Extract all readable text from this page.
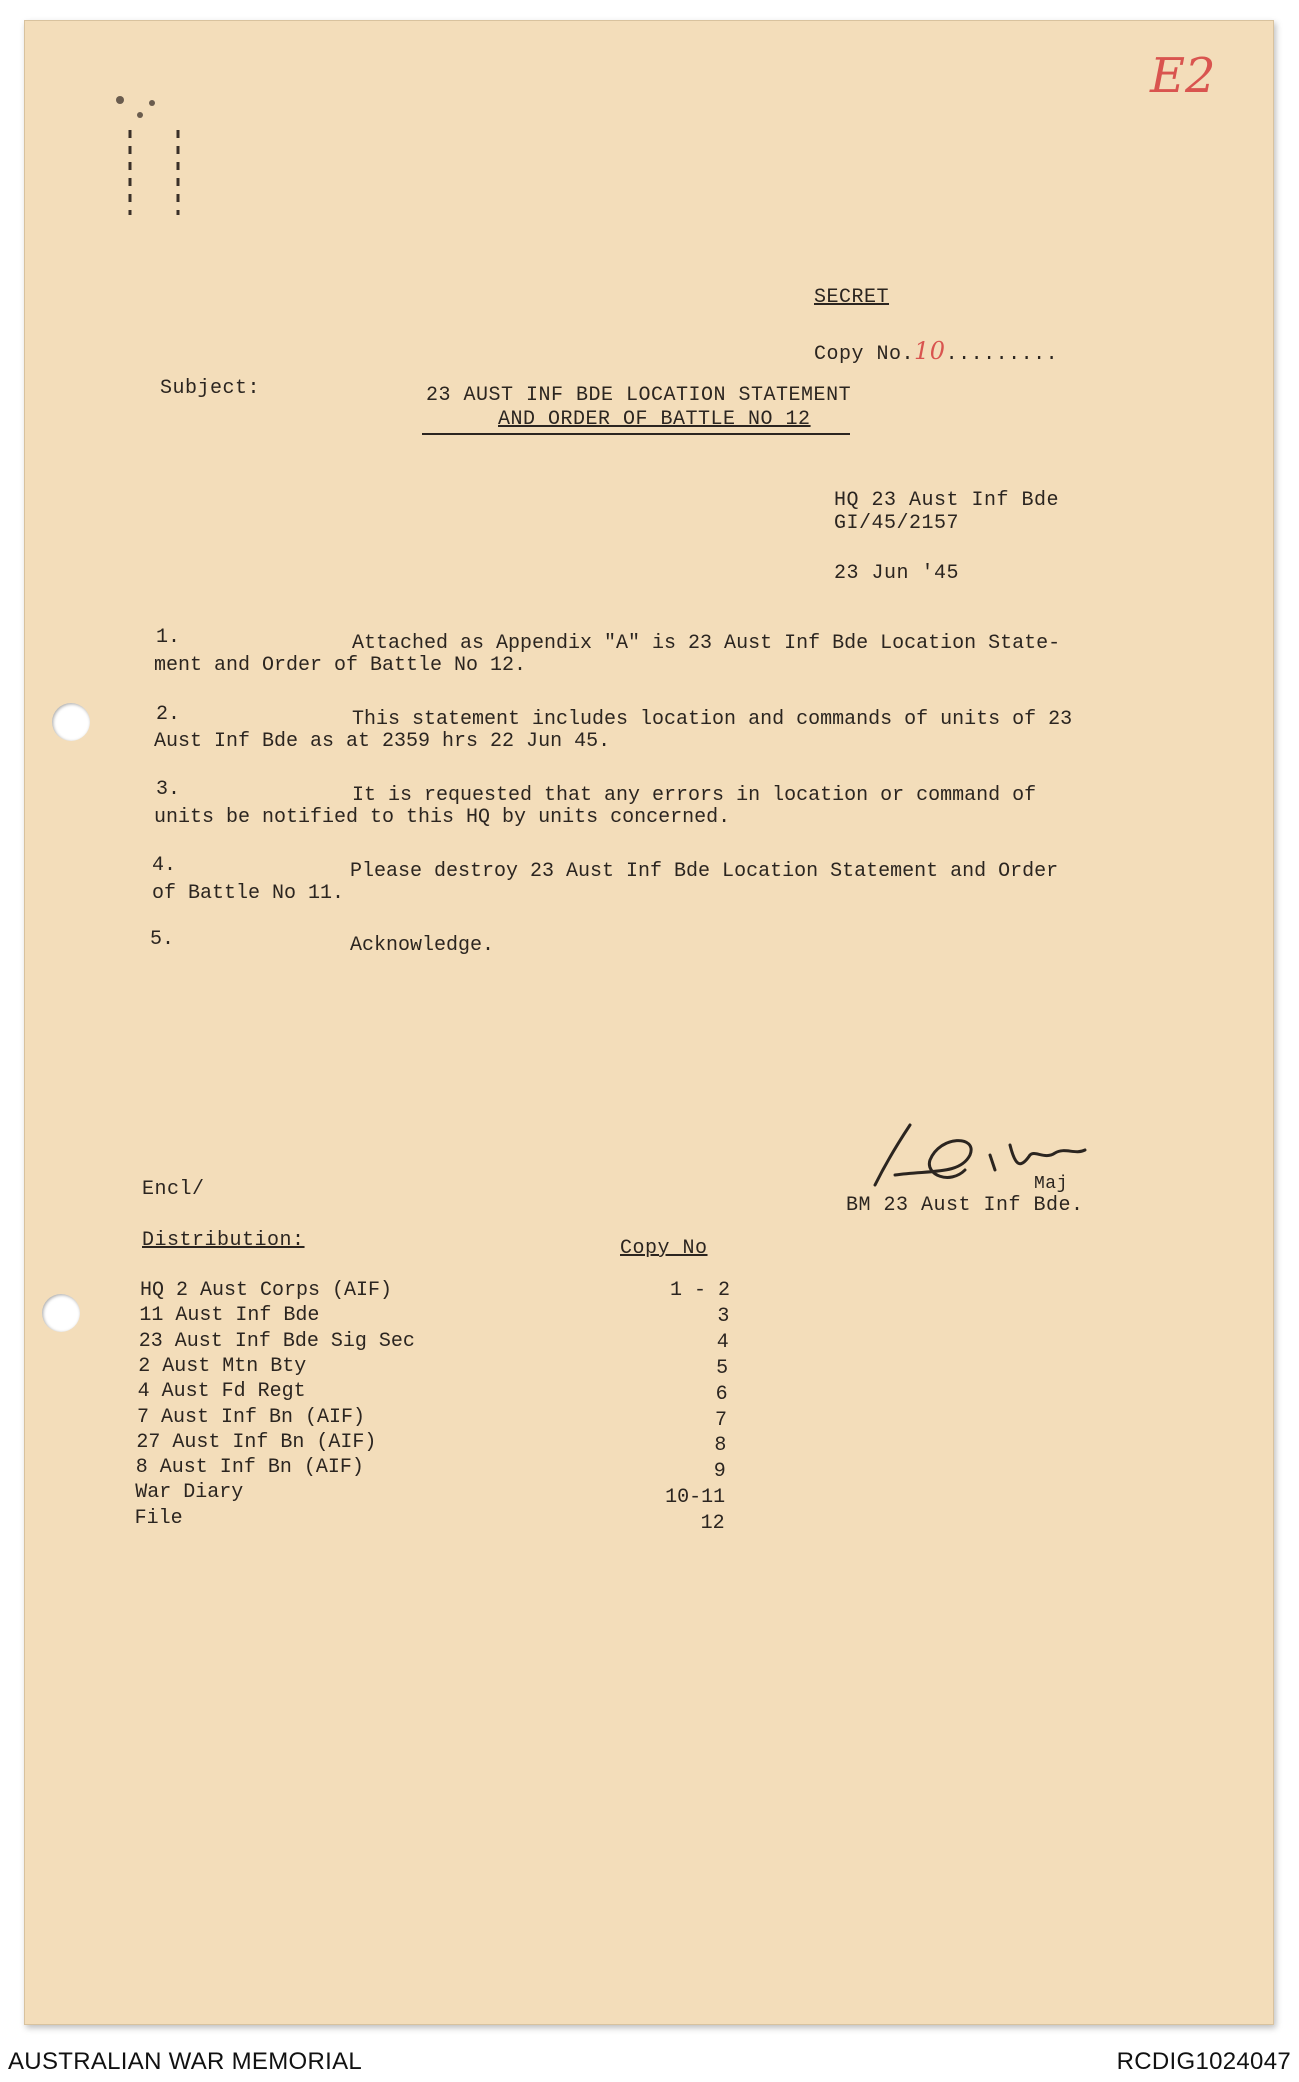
E2
SECRET
Copy No.10.........
Subject:	23 AUST INF BDE LOCATION STATEMENT
AND ORDER OF BATTLE NO 12
HQ 23 Aust Inf Bde
GI/45/2157
23 Jun '45
1.	Attached as Appendix "A" is 23 Aust Inf Bde Location State-
ment and Order of Battle No 12.
2.	This statement includes location and commands of units of 23
Aust Inf Bde as at 2359 hrs 22 Jun 45.
3.	It is requested that any errors in location or command of
units be notified to this HQ by units concerned.
4.	Please destroy 23 Aust Inf Bde Location Statement and Order
of Battle No 11.
5.	Acknowledge.
Maj
BM 23 Aust Inf Bde.
Encl/
Distribution:	Copy No
HQ 2 Aust Corps (AIF)	1 - 2
11 Aust Inf Bde	3
23 Aust Inf Bde Sig Sec	4
2 Aust Mtn Bty	5
4 Aust Fd Regt	6
7 Aust Inf Bn (AIF)	7
27 Aust Inf Bn (AIF)	8
8 Aust Inf Bn (AIF)	9
War Diary	10-11
File	12
AUSTRALIAN WAR MEMORIAL	RCDIG1024047
